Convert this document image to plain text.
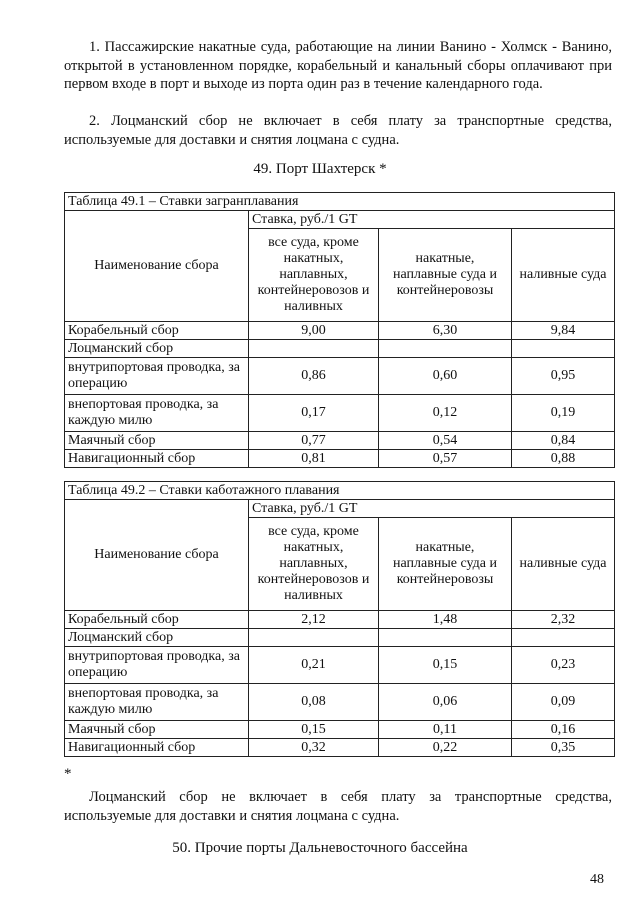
1. Пассажирские накатные суда, работающие на линии Ванино - Холмск - Ванино, открытой в установленном порядке, корабельный и канальный сборы оплачивают при первом входе в порт и выходе из порта один раз в течение календарного года.

2. Лоцманский сбор не включает в себя плату за транспортные средства, используемые для доставки и снятия лоцмана с судна.

49. Порт Шахтерск *

Таблица 49.1 – Ставки загранплавания			
Наименование сбора	Ставка, руб./1 GT		
	все суда, кроме накатных, наплавных, контейнеровозов и наливных	накатные, наплавные суда и контейнеровозы	наливные суда
Корабельный сбор	9,00	6,30	9,84
Лоцманский сбор			
внутрипортовая проводка, за операцию	0,86	0,60	0,95
внепортовая проводка, за каждую милю	0,17	0,12	0,19
Маячный сбор	0,77	0,54	0,84
Навигационный сбор	0,81	0,57	0,88
Таблица 49.2 – Ставки каботажного плавания			
Наименование сбора	Ставка, руб./1 GT		
	все суда, кроме накатных, наплавных, контейнеровозов и наливных	накатные, наплавные суда и контейнеровозы	наливные суда
Корабельный сбор	2,12	1,48	2,32
Лоцманский сбор			
внутрипортовая проводка, за операцию	0,21	0,15	0,23
внепортовая проводка, за каждую милю	0,08	0,06	0,09
Маячный сбор	0,15	0,11	0,16
Навигационный сбор	0,32	0,22	0,35

*

Лоцманский сбор не включает в себя плату за транспортные средства, используемые для доставки и снятия лоцмана с судна.

50. Прочие порты Дальневосточного бассейна

48
